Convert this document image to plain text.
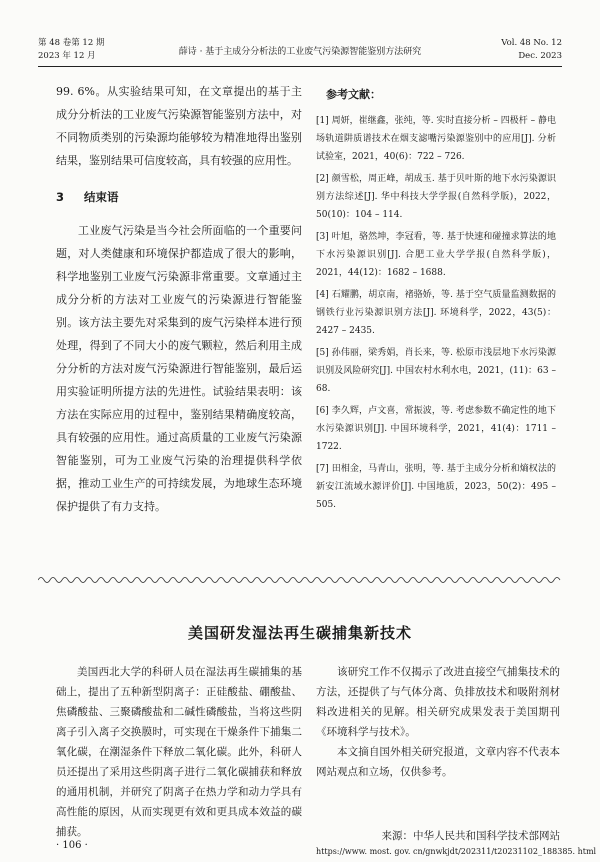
第 48 卷第 12 期
2023 年 12 月	薛诗 · 基于主成分分析法的工业废气污染源智能鉴别方法研究
Vol. 48 No. 12
Dec. 2023

99. 6%。从实验结果可知，在文章提出的基于主成分分析法的工业废气污染源智能鉴别方法中，对不同物质类别的污染源均能够较为精准地得出鉴别结果，鉴别结果可信度较高，具有较强的应用性。

3 结束语

工业废气污染是当今社会所面临的一个重要问题，对人类健康和环境保护都造成了很大的影响，科学地鉴别工业废气污染源非常重要。文章通过主成分分析的方法对工业废气的污染源进行智能鉴别。该方法主要先对采集到的废气污染样本进行预处理，得到了不同大小的废气颗粒，然后利用主成分分析的方法对废气污染源进行智能鉴别，最后运用实验证明所提方法的先进性。试验结果表明：该方法在实际应用的过程中，鉴别结果精确度较高，具有较强的应用性。通过高质量的工业废气污染源智能鉴别，可为工业废气污染的治理提供科学依据，推动工业生产的可持续发展，为地球生态环境保护提供了有力支持。

参考文献：

[1] 周妍，崔继鑫，张纯，等. 实时直接分析 – 四极杆 – 静电场轨道阱质谱技术在烟支滤嘴污染源鉴别中的应用[J]. 分析试验室，2021，40(6)：722 – 726.

[2] 颜雪松，周正峰，胡成玉. 基于贝叶斯的地下水污染源识别方法综述[J]. 华中科技大学学报(自然科学版)，2022，50(10)：104 – 114.

[3] 叶旭，骆然坤，李冠看，等. 基于快速和碰撞求算法的地下水污染源识别[J]. 合肥工业大学学报(自然科学版)，2021，44(12)：1682 – 1688.

[4] 石耀鹏，胡京南，褚骆娇，等. 基于空气质量监测数据的钢铁行业污染源识别方法[J]. 环境科学，2022，43(5)：2427 – 2435.

[5] 孙伟丽，梁秀娟，肖长来，等. 松原市浅层地下水污染源识别及风险研究[J]. 中国农村水利水电，2021，(11)：63 – 68.

[6] 李久辉，卢文喜，常振波，等. 考虑参数不确定性的地下水污染源识别[J]. 中国环境科学，2021，41(4)：1711 – 1722.

[7] 田相金，马青山，张明，等. 基于主成分分析和熵权法的新安江流域水源评价[J]. 中国地质，2023，50(2)：495 – 505.

美国研发湿法再生碳捕集新技术

美国西北大学的科研人员在湿法再生碳捕集的基础上，提出了五种新型阴离子：正硅酸盐、硼酸盐、焦磷酸盐、三聚磷酸盐和二碱性磷酸盐，当将这些阴离子引入离子交换膜时，可实现在干燥条件下捕集二氧化碳，在潮湿条件下释放二氧化碳。此外，科研人员还提出了采用这些阴离子进行二氧化碳捕获和释放的通用机制，并研究了阴离子在热力学和动力学具有高性能的原因，从而实现更有效和更具成本效益的碳捕获。

该研究工作不仅揭示了改进直接空气捕集技术的方法，还提供了与气体分离、负排放技术和吸附剂材料改进相关的见解。相关研究成果发表于美国期刊《环境科学与技术》。

本文摘自国外相关研究报道，文章内容不代表本网站观点和立场，仅供参考。

来源：中华人民共和国科学技术部网站
https://www. most. gov. cn/gnwkjdt/202311/t20231102_188385. html
· 106 ·
